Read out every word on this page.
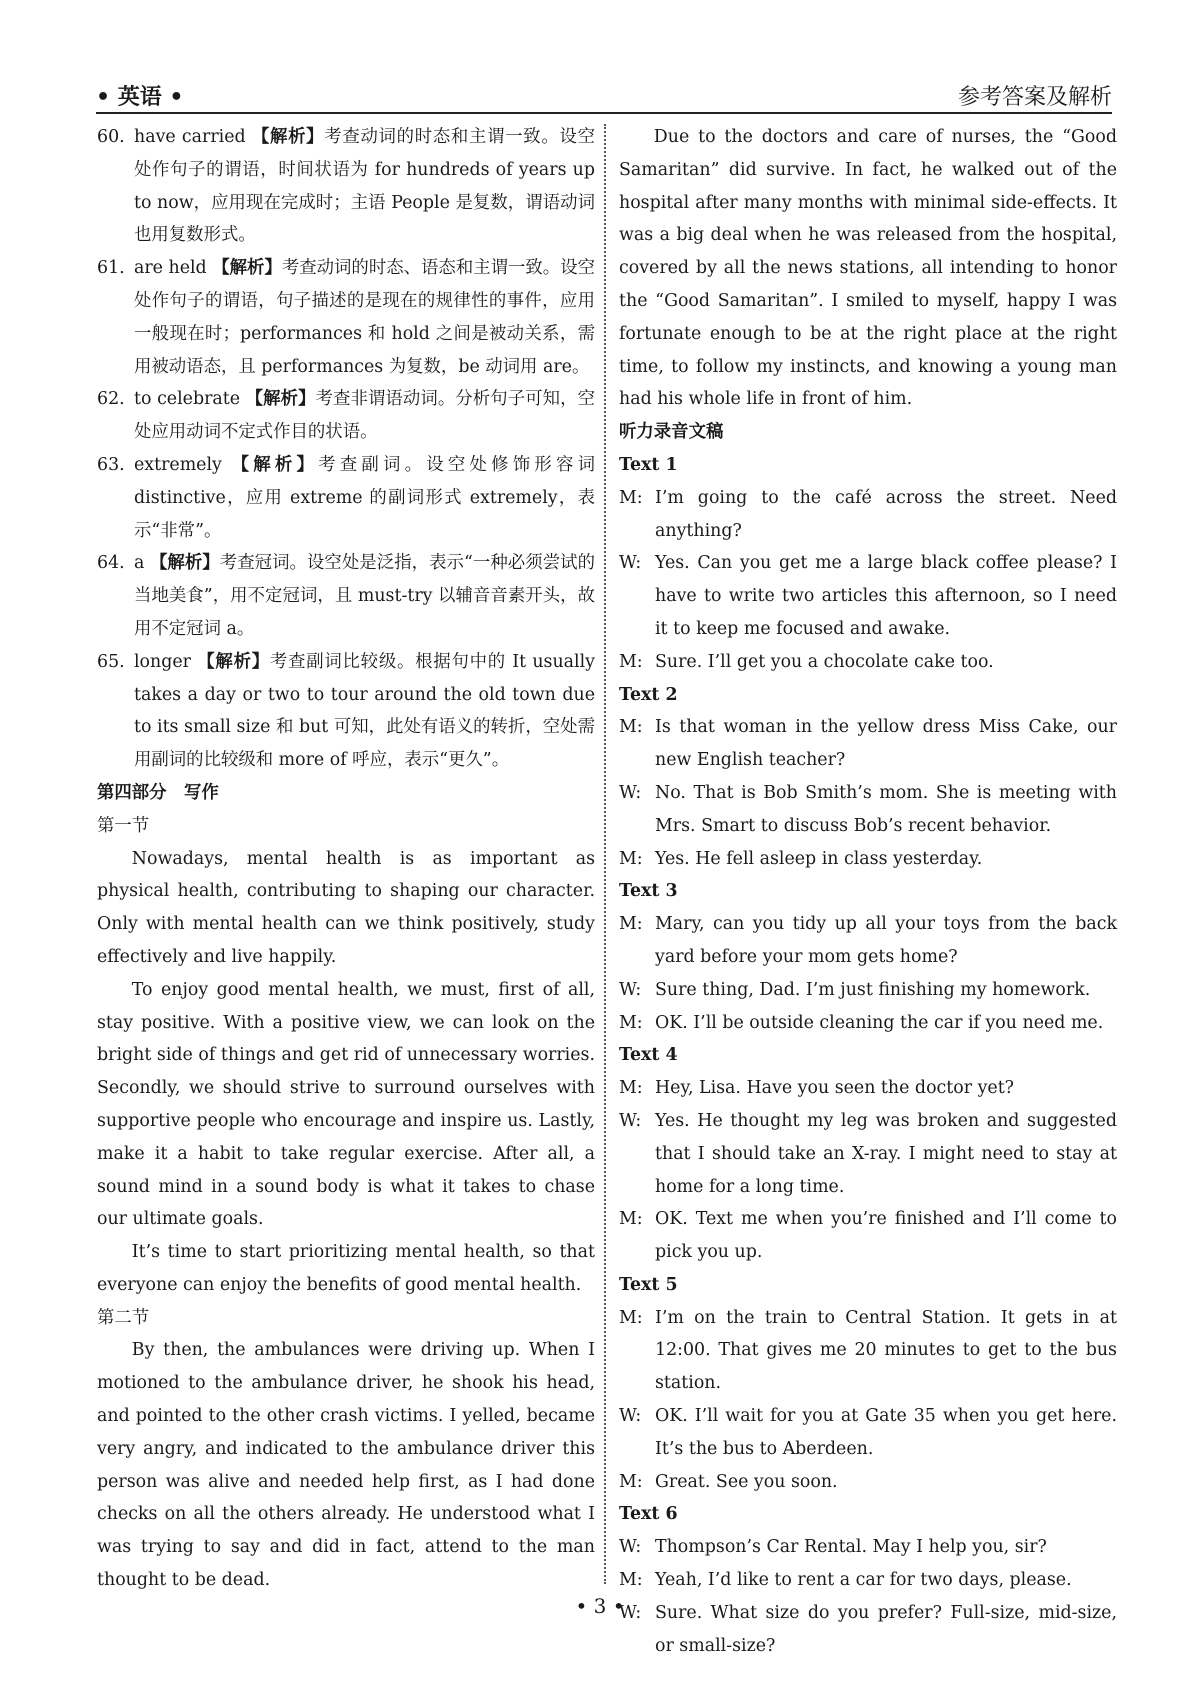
• 英语 •	参考答案及解析
60. have carried 【解析】考查动词的时态和主谓一致。设空处作句子的谓语，时间状语为 for hundreds of years up to now，应用现在完成时；主语 People 是复数，谓语动词也用复数形式。
61. are held 【解析】考查动词的时态、语态和主谓一致。设空处作句子的谓语，句子描述的是现在的规律性的事件，应用一般现在时；performances 和 hold 之间是被动关系，需用被动语态，且 performances 为复数，be 动词用 are。
62. to celebrate 【解析】考查非谓语动词。分析句子可知，空处应用动词不定式作目的状语。
63. extremely 【解析】考查副词。设空处修饰形容词 distinctive，应用 extreme 的副词形式 extremely，表示“非常”。
64. a 【解析】考查冠词。设空处是泛指，表示“一种必须尝试的当地美食”，用不定冠词，且 must-try 以辅音音素开头，故用不定冠词 a。
65. longer 【解析】考查副词比较级。根据句中的 It usually takes a day or two to tour around the old town due to its small size 和 but 可知，此处有语义的转折，空处需用副词的比较级和 more of 呼应，表示“更久”。
第四部分 写作
第一节

Nowadays, mental health is as important as physical health, contributing to shaping our character. Only with mental health can we think positively, study effectively and live happily.

To enjoy good mental health, we must, first of all, stay positive. With a positive view, we can look on the bright side of things and get rid of unnecessary worries. Secondly, we should strive to surround ourselves with supportive people who encourage and inspire us. Lastly, make it a habit to take regular exercise. After all, a sound mind in a sound body is what it takes to chase our ultimate goals.

It’s time to start prioritizing mental health, so that everyone can enjoy the benefits of good mental health.

第二节

By then, the ambulances were driving up. When I motioned to the ambulance driver, he shook his head, and pointed to the other crash victims. I yelled, became very angry, and indicated to the ambulance driver this person was alive and needed help first, as I had done checks on all the others already. He understood what I was trying to say and did in fact, attend to the man thought to be dead.

Due to the doctors and care of nurses, the “Good Samaritan” did survive. In fact, he walked out of the hospital after many months with minimal side-effects. It was a big deal when he was released from the hospital, covered by all the news stations, all intending to honor the “Good Samaritan”. I smiled to myself, happy I was fortunate enough to be at the right place at the right time, to follow my instincts, and knowing a young man had his whole life in front of him.

听力录音文稿
Text 1
M: I’m going to the café across the street. Need anything?
W: Yes. Can you get me a large black coffee please? I have to write two articles this afternoon, so I need it to keep me focused and awake.
M: Sure. I’ll get you a chocolate cake too.
Text 2
M: Is that woman in the yellow dress Miss Cake, our new English teacher?
W: No. That is Bob Smith’s mom. She is meeting with Mrs. Smart to discuss Bob’s recent behavior.
M: Yes. He fell asleep in class yesterday.
Text 3
M: Mary, can you tidy up all your toys from the back yard before your mom gets home?
W: Sure thing, Dad. I’m just finishing my homework.
M: OK. I’ll be outside cleaning the car if you need me.
Text 4
M: Hey, Lisa. Have you seen the doctor yet?
W: Yes. He thought my leg was broken and suggested that I should take an X-ray. I might need to stay at home for a long time.
M: OK. Text me when you’re finished and I’ll come to pick you up.
Text 5
M: I’m on the train to Central Station. It gets in at 12:00. That gives me 20 minutes to get to the bus station.
W: OK. I’ll wait for you at Gate 35 when you get here. It’s the bus to Aberdeen.
M: Great. See you soon.
Text 6
W: Thompson’s Car Rental. May I help you, sir?
M: Yeah, I’d like to rent a car for two days, please.
W: Sure. What size do you prefer? Full-size, mid-size, or small-size?
• 3 •
